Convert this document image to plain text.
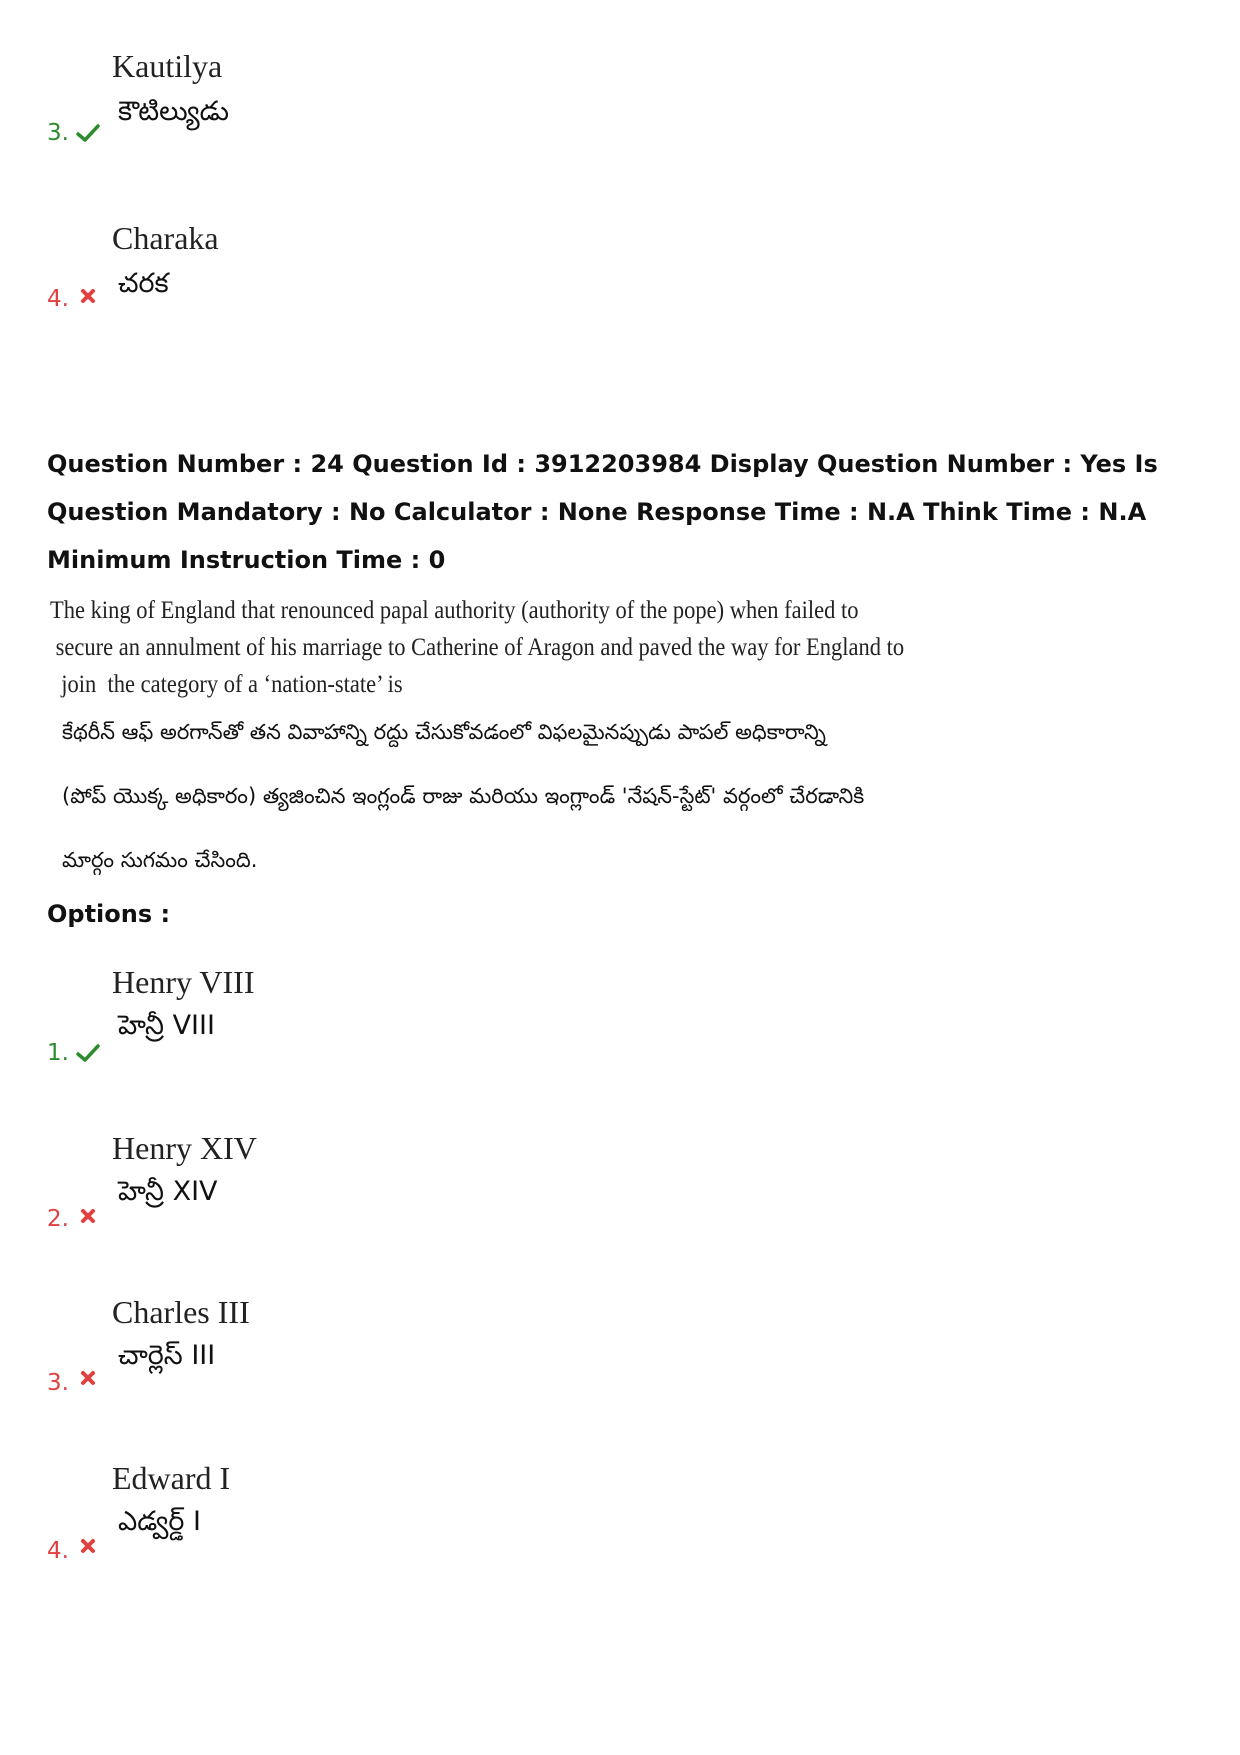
Kautilya
కౌటిల్యుడు
3.
Charaka
చరక
4.
Question Number : 24 Question Id : 3912203984 Display Question Number : Yes Is Question Mandatory : No Calculator : None Response Time : N.A Think Time : N.A Minimum Instruction Time : 0
The king of England that renounced papal authority (authority of the pope) when failed to
secure an annulment of his marriage to Catherine of Aragon and paved the way for England to
join  the category of a ‘nation-state’ is
కేథరీన్ ఆఫ్ అరగాన్‌తో తన వివాహాన్ని రద్దు చేసుకోవడంలో విఫలమైనప్పుడు పాపల్ అధికారాన్ని
(పోప్ యొక్క అధికారం) త్యజించిన ఇంగ్లండ్ రాజు మరియు ఇంగ్లాండ్ 'నేషన్-స్టేట్' వర్గంలో చేరడానికి
మార్గం సుగమం చేసింది.
Options :
Henry VIII
హెన్రీ VIII
1.
Henry XIV
హెన్రీ XIV
2.
Charles III
చార్లెస్ III
3.
Edward I
ఎడ్వర్డ్ I
4.
